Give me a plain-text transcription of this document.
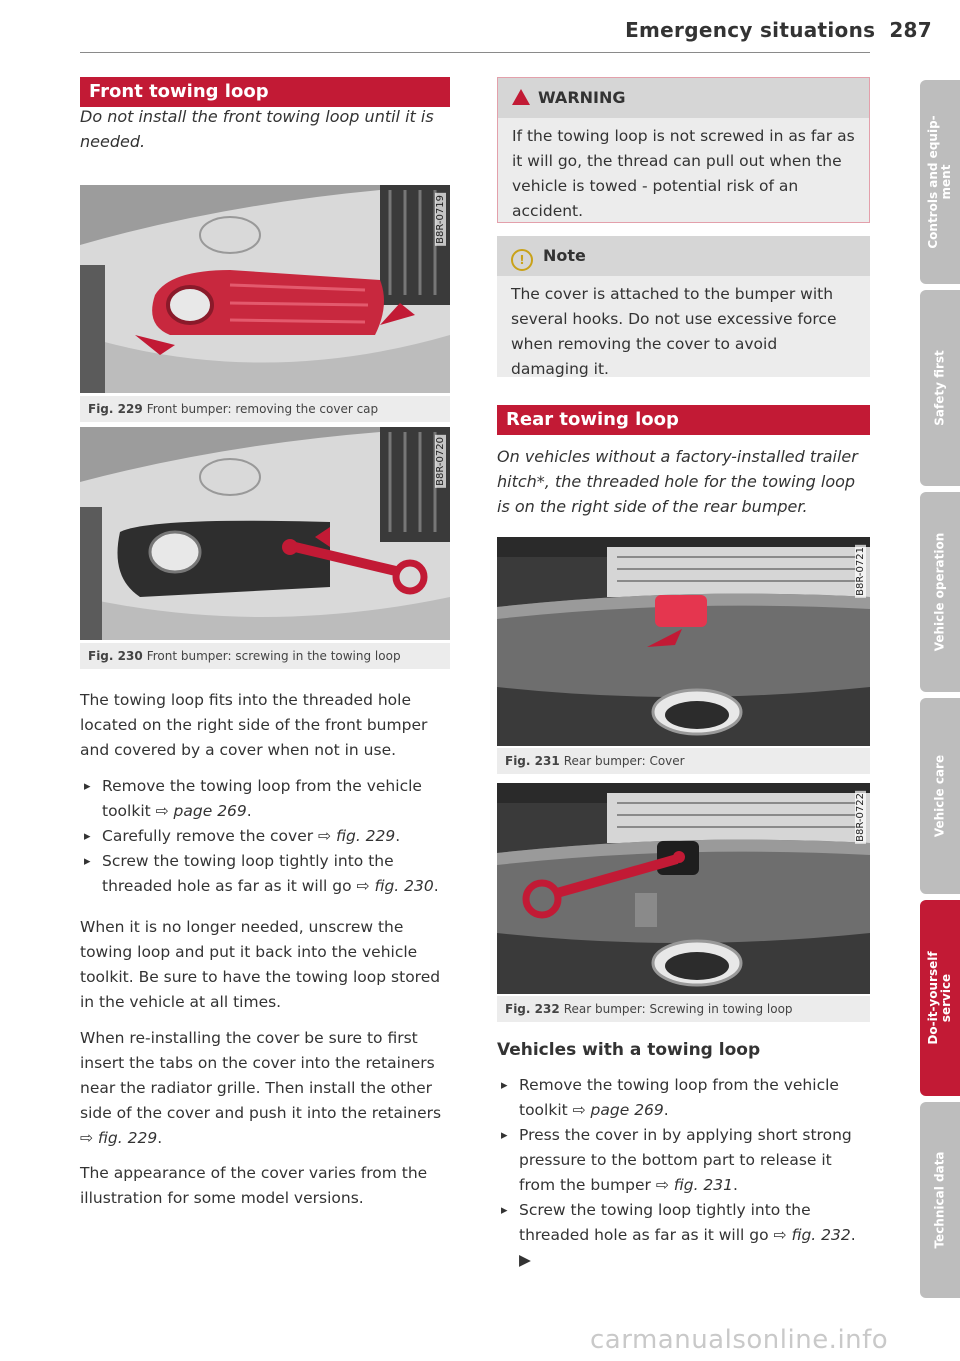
Emergency situations 287
Front towing loop
Do not install the front towing loop until it is needed.
B8R-0719
Fig. 229 Front bumper: removing the cover cap
B8R-0720
Fig. 230 Front bumper: screwing in the towing loop
The towing loop fits into the threaded hole located on the right side of the front bumper and covered by a cover when not in use.
▸ Remove the towing loop from the vehicle toolkit ⇨ page 269.
▸ Carefully remove the cover ⇨ fig. 229.
▸ Screw the towing loop tightly into the threaded hole as far as it will go ⇨ fig. 230.
When it is no longer needed, unscrew the towing loop and put it back into the vehicle toolkit. Be sure to have the towing loop stored in the vehicle at all times.
When re-installing the cover be sure to first insert the tabs on the cover into the retainers near the radiator grille. Then install the other side of the cover and push it into the retainers ⇨ fig. 229.
The appearance of the cover varies from the illustration for some model versions.
WARNING
If the towing loop is not screwed in as far as it will go, the thread can pull out when the vehicle is towed - potential risk of an accident.
! Note
The cover is attached to the bumper with several hooks. Do not use excessive force when removing the cover to avoid damaging it.
Rear towing loop
On vehicles without a factory-installed trailer hitch*, the threaded hole for the towing loop is on the right side of the rear bumper.
B8R-0721
Fig. 231 Rear bumper: Cover
B8R-0722
Fig. 232 Rear bumper: Screwing in towing loop
Vehicles with a towing loop
▸ Remove the towing loop from the vehicle toolkit ⇨ page 269.
▸ Press the cover in by applying short strong pressure to the bottom part to release it from the bumper ⇨ fig. 231.
▸ Screw the towing loop tightly into the threaded hole as far as it will go ⇨ fig. 232. ▶
Controls and equip-
ment
Safety first
Vehicle operation
Vehicle care
Do-it-yourself
service
Technical data
carmanualsonline.info
